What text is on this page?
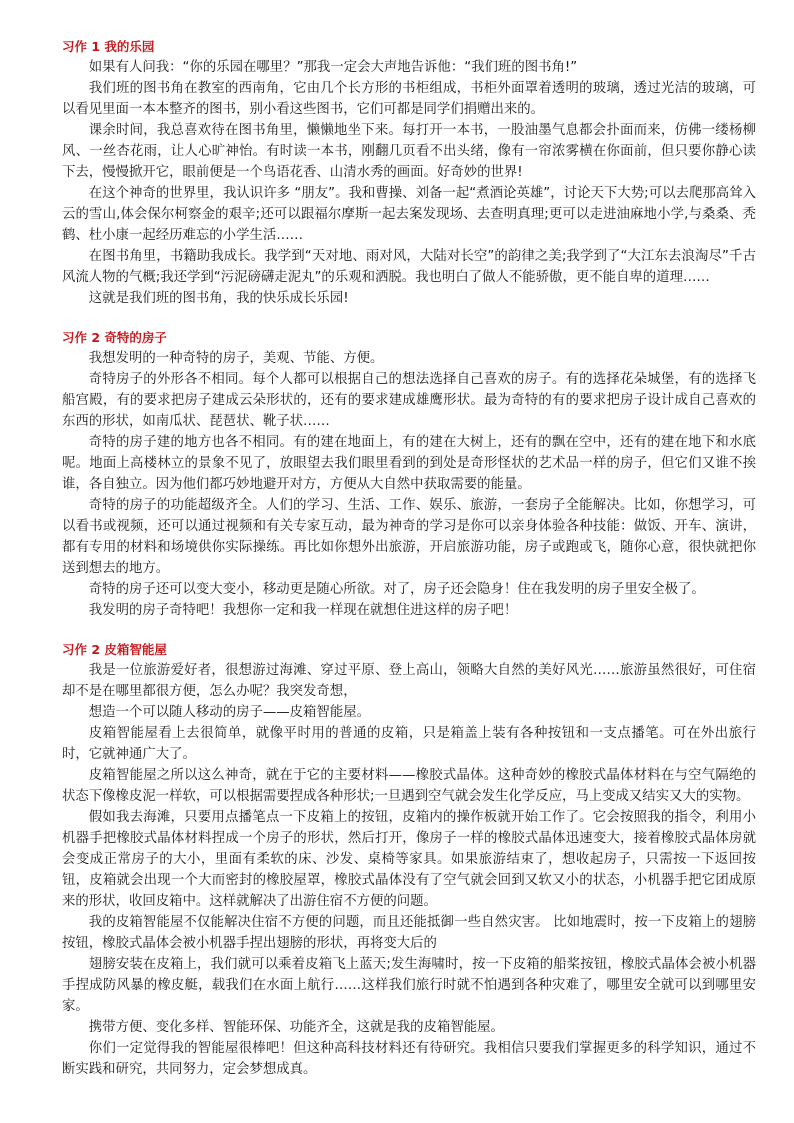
习作 1 我的乐园

如果有人问我：“你的乐园在哪里？”那我一定会大声地告诉他：“我们班的图书角!”

我们班的图书角在教室的西南角，它由几个长方形的书柜组成，书柜外面罩着透明的玻璃，透过光洁的玻璃，可以看见里面一本本整齐的图书，别小看这些图书，它们可都是同学们捐赠出来的。

课余时间，我总喜欢待在图书角里，懒懒地坐下来。每打开一本书，一股油墨气息都会扑面而来，仿佛一缕杨柳风、一丝杏花雨，让人心旷神怡。有时读一本书，刚翻几页看不出头绪，像有一帘浓雾横在你面前，但只要你静心读下去，慢慢掀开它，眼前便是一个鸟语花香、山清水秀的画面。好奇妙的世界!

在这个神奇的世界里，我认识许多 “朋友”。我和曹操、刘备一起“煮酒论英雄”，讨论天下大势;可以去爬那高耸入云的雪山,体会保尔柯察金的艰辛;还可以跟福尔摩斯一起去案发现场、去查明真理;更可以走进油麻地小学,与桑桑、秃鹤、杜小康一起经历难忘的小学生活……

在图书角里，书籍助我成长。我学到“天对地、雨对风，大陆对长空”的韵律之美;我学到了“大江东去浪淘尽”千古风流人物的气概;我还学到“污泥磅礴走泥丸”的乐观和洒脱。我也明白了做人不能骄傲，更不能自卑的道理……

这就是我们班的图书角，我的快乐成长乐园!

习作 2 奇特的房子

我想发明的一种奇特的房子，美观、节能、方便。

奇特房子的外形各不相同。每个人都可以根据自己的想法选择自己喜欢的房子。有的选择花朵城堡，有的选择飞船宫殿，有的要求把房子建成云朵形状的，还有的要求建成雄鹰形状。最为奇特的有的要求把房子设计成自己喜欢的东西的形状，如南瓜状、琵琶状、靴子状……

奇特的房子建的地方也各不相同。有的建在地面上，有的建在大树上，还有的飘在空中，还有的建在地下和水底呢。地面上高楼林立的景象不见了，放眼望去我们眼里看到的到处是奇形怪状的艺术品一样的房子，但它们又谁不挨谁，各自独立。因为他们都巧妙地避开对方，方便从大自然中获取需要的能量。

奇特的房子的功能超级齐全。人们的学习、生活、工作、娱乐、旅游，一套房子全能解决。比如，你想学习，可以看书或视频，还可以通过视频和有关专家互动，最为神奇的学习是你可以亲身体验各种技能：做饭、开车、演讲，都有专用的材料和场境供你实际操练。再比如你想外出旅游，开启旅游功能，房子或跑或飞，随你心意，很快就把你送到想去的地方。

奇特的房子还可以变大变小，移动更是随心所欲。对了，房子还会隐身！住在我发明的房子里安全极了。

我发明的房子奇特吧！我想你一定和我一样现在就想住进这样的房子吧！

习作 2 皮箱智能屋

我是一位旅游爱好者，很想游过海滩、穿过平原、登上高山，领略大自然的美好风光……旅游虽然很好，可住宿却不是在哪里都很方便，怎么办呢？我突发奇想，

想造一个可以随人移动的房子——皮箱智能屋。

皮箱智能屋看上去很简单，就像平时用的普通的皮箱，只是箱盖上装有各种按钮和一支点播笔。可在外出旅行时，它就神通广大了。

皮箱智能屋之所以这么神奇，就在于它的主要材料——橡胶式晶体。这种奇妙的橡胶式晶体材料在与空气隔绝的状态下像橡皮泥一样软，可以根据需要捏成各种形状;一旦遇到空气就会发生化学反应，马上变成又结实又大的实物。

假如我去海滩，只要用点播笔点一下皮箱上的按钮，皮箱内的操作板就开始工作了。它会按照我的指令，利用小机器手把橡胶式晶体材料捏成一个房子的形状，然后打开，像房子一样的橡胶式晶体迅速变大，接着橡胶式晶体房就会变成正常房子的大小，里面有柔软的床、沙发、桌椅等家具。如果旅游结束了，想收起房子，只需按一下返回按钮，皮箱就会出现一个大而密封的橡胶屋罩，橡胶式晶体没有了空气就会回到又软又小的状态，小机器手把它团成原来的形状，收回皮箱中。这样就解决了出游住宿不方便的问题。

我的皮箱智能屋不仅能解决住宿不方便的问题，而且还能抵御一些自然灾害。 比如地震时，按一下皮箱上的翅膀按钮，橡胶式晶体会被小机器手捏出翅膀的形状，再将变大后的

翅膀安装在皮箱上，我们就可以乘着皮箱飞上蓝天;发生海啸时，按一下皮箱的船桨按钮，橡胶式晶体会被小机器手捏成防风暴的橡皮艇，载我们在水面上航行……这样我们旅行时就不怕遇到各种灾难了，哪里安全就可以到哪里安家。

携带方便、变化多样、智能环保、功能齐全，这就是我的皮箱智能屋。

你们一定觉得我的智能屋很棒吧！但这种高科技材料还有待研究。我相信只要我们掌握更多的科学知识，通过不断实践和研究，共同努力，定会梦想成真。
